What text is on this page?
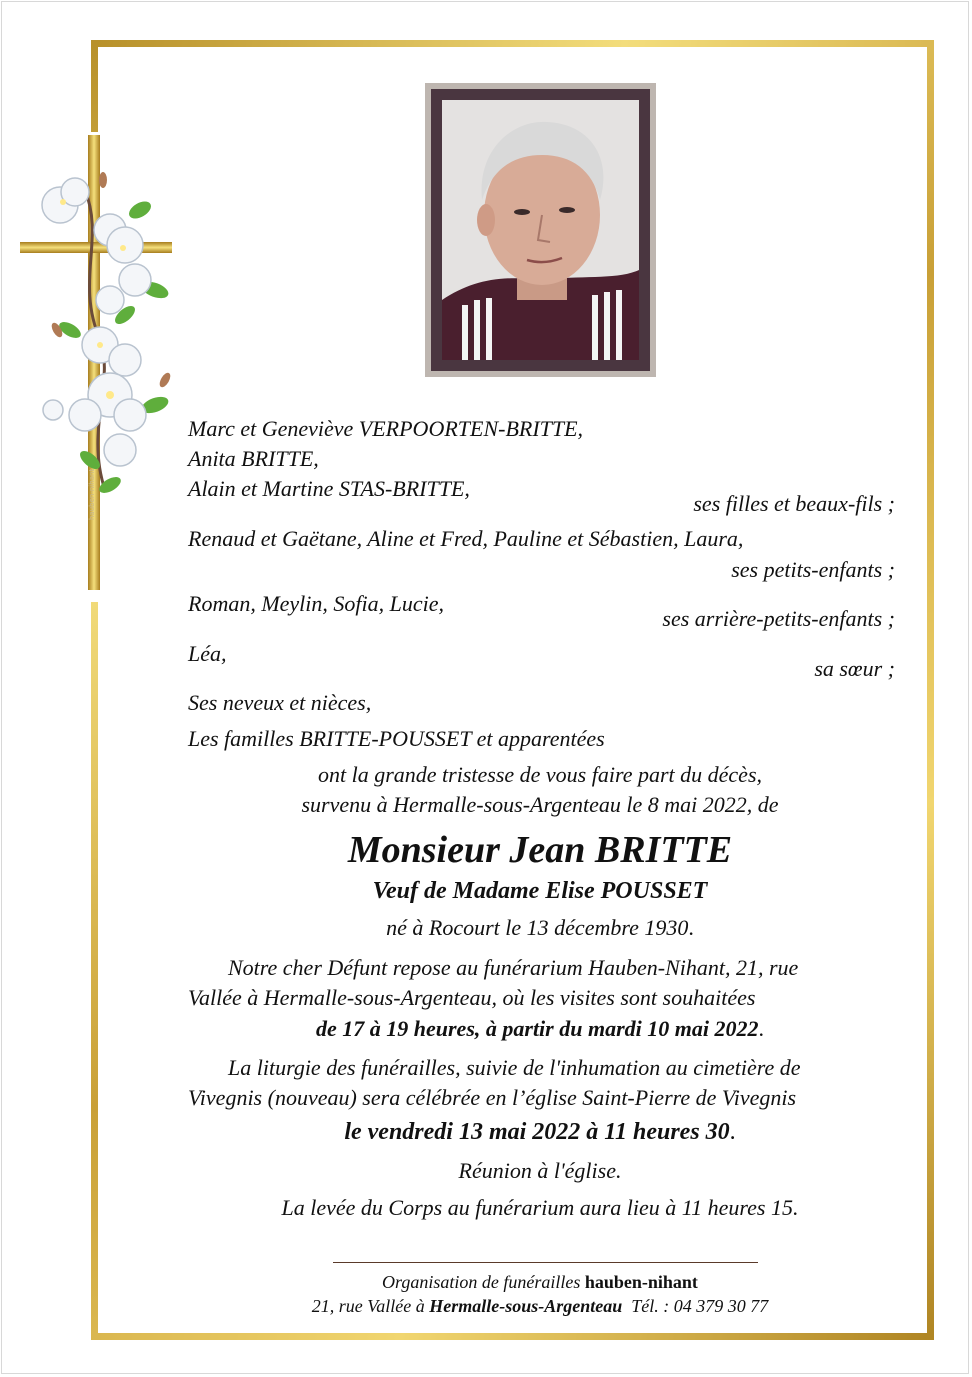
hauben-nihant
Marc et Geneviève VERPOORTEN-BRITTE,
Anita BRITTE,
Alain et Martine STAS-BRITTE,
ses filles et beaux-fils ;
Renaud et Gaëtane, Aline et Fred, Pauline et Sébastien, Laura,
ses petits-enfants ;
Roman, Meylin, Sofia, Lucie,
ses arrière-petits-enfants ;
Léa,
sa sœur ;
Ses neveux et nièces,
Les familles BRITTE-POUSSET et apparentées
ont la grande tristesse de vous faire part du décès,
survenu à Hermalle-sous-Argenteau le 8 mai 2022, de
Monsieur Jean BRITTE
Veuf de Madame Elise POUSSET
né à Rocourt le 13 décembre 1930.
Notre cher Défunt repose au funérarium Hauben-Nihant, 21, rue
Vallée à Hermalle-sous-Argenteau, où les visites sont souhaitées
de 17 à 19 heures, à partir du mardi 10 mai 2022.
La liturgie des funérailles, suivie de l'inhumation au cimetière de
Vivegnis (nouveau) sera célébrée en l’église Saint-Pierre de Vivegnis
le vendredi 13 mai 2022 à 11 heures 30.
Réunion à l'église.
La levée du Corps au funérarium aura lieu à 11 heures 15.
Organisation de funérailles hauben-nihant
21, rue Vallée à Hermalle-sous-Argenteau Tél. : 04 379 30 77
